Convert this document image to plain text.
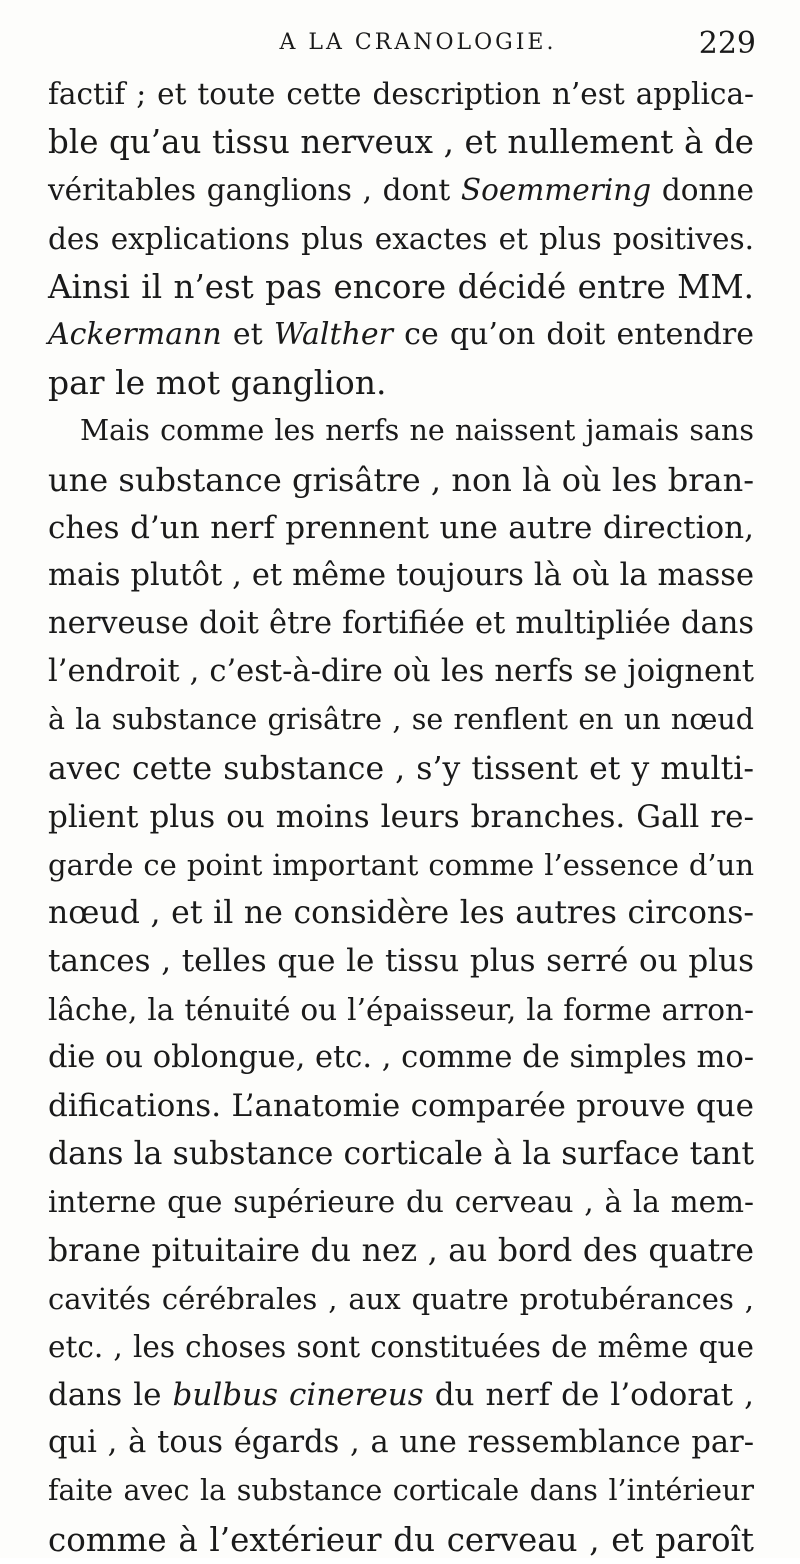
A LA CRANOLOGIE.	229
factif ; et toute cette description n’est applica-
ble qu’au tissu nerveux , et nullement à de
véritables ganglions , dont Soemmering donne
des explications plus exactes et plus positives.
Ainsi il n’est pas encore décidé entre MM.
Ackermann et Walther ce qu’on doit entendre
par le mot ganglion.
Mais comme les nerfs ne naissent jamais sans
une substance grisâtre , non là où les bran-
ches d’un nerf prennent une autre direction,
mais plutôt , et même toujours là où la masse
nerveuse doit être fortifiée et multipliée dans
l’endroit , c’est-à-dire où les nerfs se joignent
à la substance grisâtre , se renflent en un nœud
avec cette substance , s’y tissent et y multi-
plient plus ou moins leurs branches. Gall re-
garde ce point important comme l’essence d’un
nœud , et il ne considère les autres circons-
tances , telles que le tissu plus serré ou plus
lâche, la ténuité ou l’épaisseur, la forme arron-
die ou oblongue, etc. , comme de simples mo-
difications. L’anatomie comparée prouve que
dans la substance corticale à la surface tant
interne que supérieure du cerveau , à la mem-
brane pituitaire du nez , au bord des quatre
cavités cérébrales , aux quatre protubérances ,
etc. , les choses sont constituées de même que
dans le bulbus cinereus du nerf de l’odorat ,
qui , à tous égards , a une ressemblance par-
faite avec la substance corticale dans l’intérieur
comme à l’extérieur du cerveau , et paroît
